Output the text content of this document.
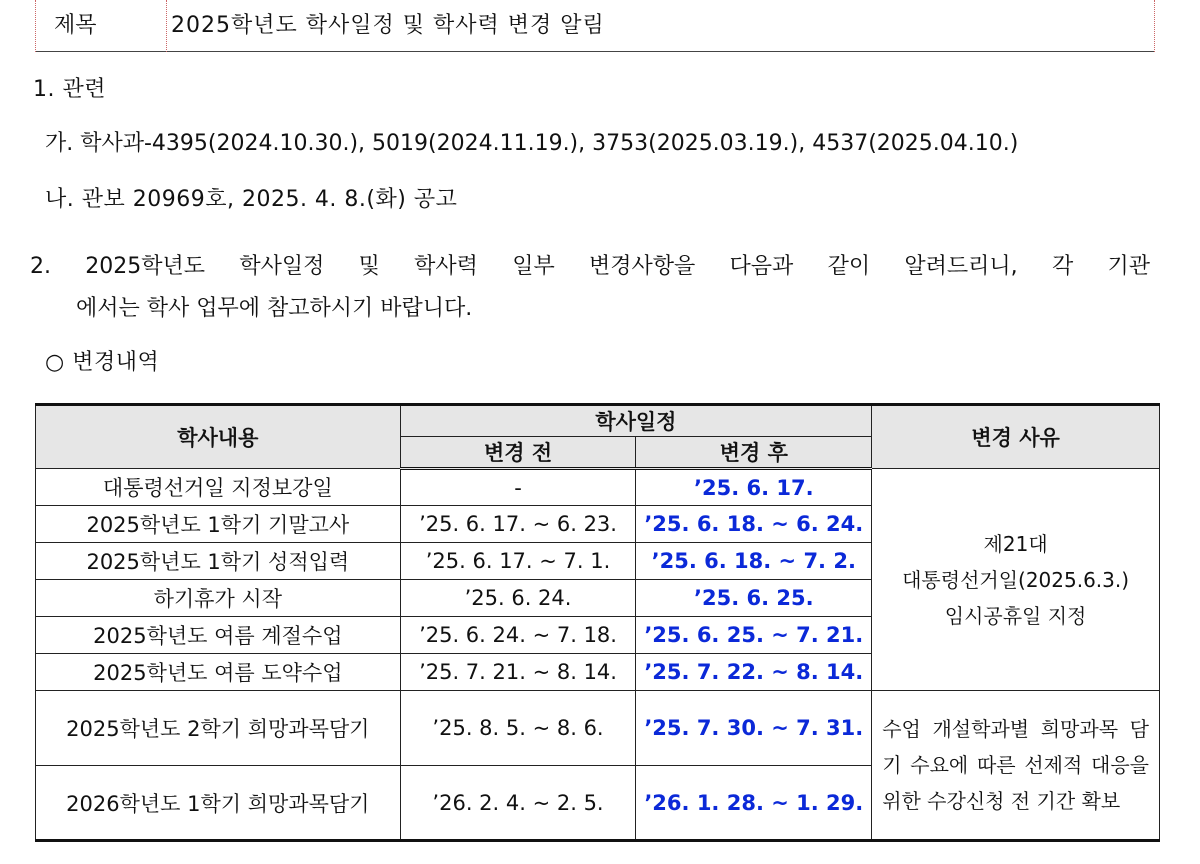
제목	2025학년도 학사일정 및 학사력 변경 알림
1. 관련
가. 학사과-4395(2024.10.30.), 5019(2024.11.19.), 3753(2025.03.19.), 4537(2025.04.10.)
나. 관보 20969호, 2025. 4. 8.(화) 공고
2. 2025학년도 학사일정 및 학사력 일부 변경사항을 다음과 같이 알려드리니, 각 기관
에서는 학사 업무에 참고하시기 바랍니다.
○ 변경내역
학사내용	학사일정		변경 사유
	변경 전	변경 후	
대통령선거일 지정보강일	-	’25. 6. 17.	제21대
대통령선거일(2025.6.3.)
임시공휴일 지정

2025학년도 1학기 기말고사	’25. 6. 17. ~ 6. 23.	’25. 6. 18. ~ 6. 24.	
2025학년도 1학기 성적입력	’25. 6. 17. ~ 7. 1.	’25. 6. 18. ~ 7. 2.	
하기휴가 시작	’25. 6. 24.	’25. 6. 25.	
2025학년도 여름 계절수업	’25. 6. 24. ~ 7. 18.	’25. 6. 25. ~ 7. 21.	
2025학년도 여름 도약수업	’25. 7. 21. ~ 8. 14.	’25. 7. 22. ~ 8. 14.	
2025학년도 2학기 희망과목담기	’25. 8. 5. ~ 8. 6.	’25. 7. 30. ~ 7. 31.	수업 개설학과별 희망과목 담기 수요에 따른 선제적 대응을 위한 수강신청 전 기간 확보
2026학년도 1학기 희망과목담기	’26. 2. 4. ~ 2. 5.	’26. 1. 28. ~ 1. 29.	
